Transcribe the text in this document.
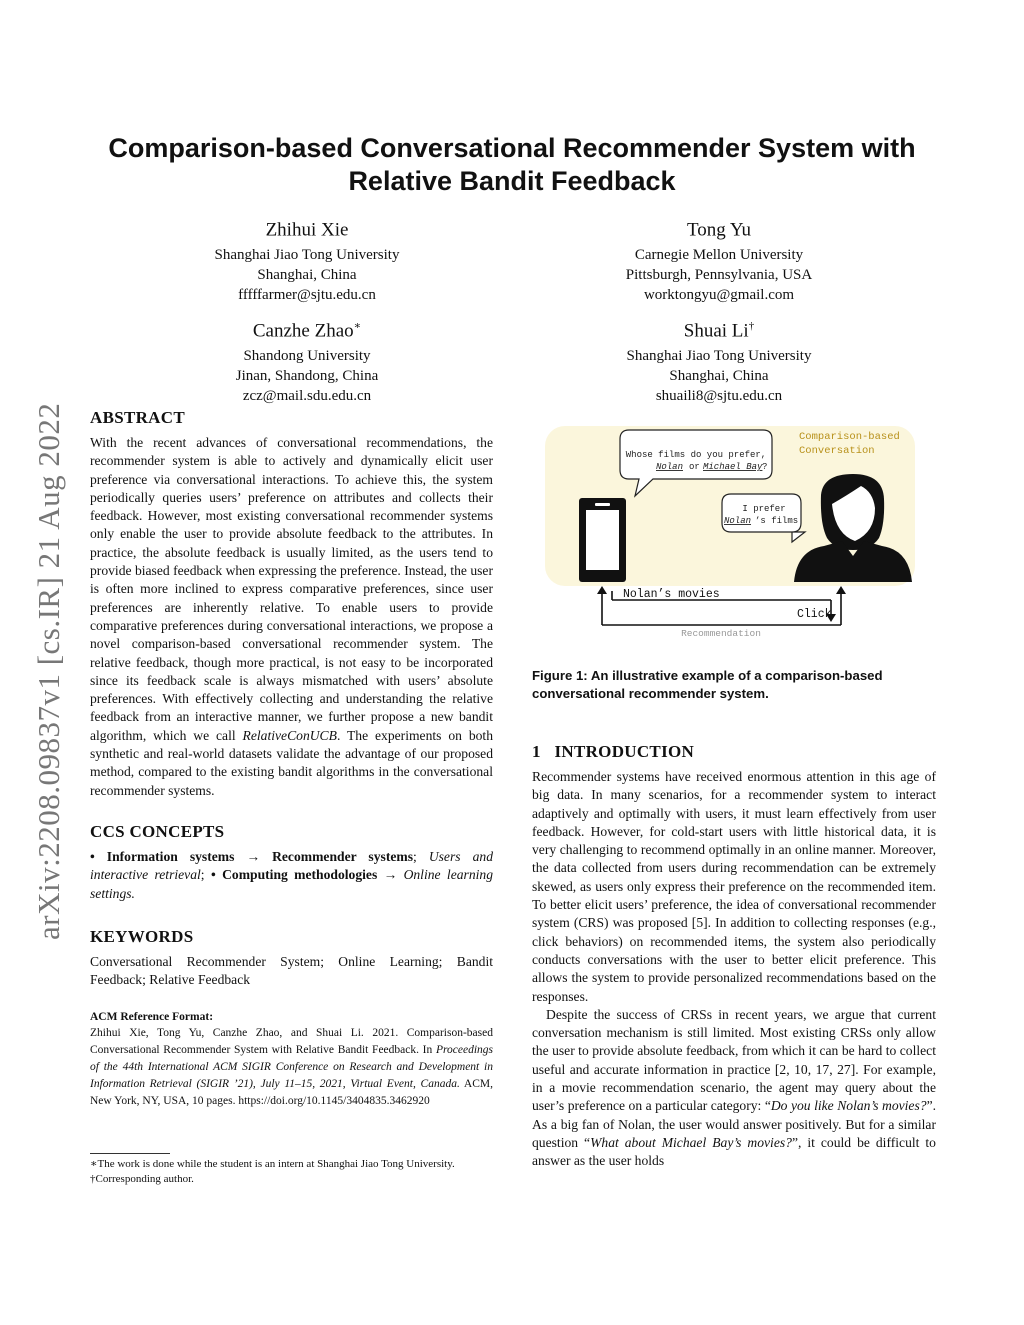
arXiv:2208.09837v1 [cs.IR] 21 Aug 2022
Comparison-based Conversational Recommender System with
Relative Bandit Feedback
Zhihui Xie
Shanghai Jiao Tong University
Shanghai, China
fffffarmer@sjtu.edu.cn
Tong Yu
Carnegie Mellon University
Pittsburgh, Pennsylvania, USA
worktongyu@gmail.com
Canzhe Zhao∗
Shandong University
Jinan, Shandong, China
zcz@mail.sdu.edu.cn
Shuai Li†
Shanghai Jiao Tong University
Shanghai, China
shuaili8@sjtu.edu.cn
ABSTRACT

With the recent advances of conversational recommendations, the recommender system is able to actively and dynamically elicit user preference via conversational interactions. To achieve this, the system periodically queries users’ preference on attributes and collects their feedback. However, most existing conversational recommender systems only enable the user to provide absolute feedback to the attributes. In practice, the absolute feedback is usually limited, as the users tend to provide biased feedback when expressing the preference. Instead, the user is often more inclined to express comparative preferences, since user preferences are inherently relative. To enable users to provide comparative preferences during conversational interactions, we propose a novel comparison-based conversational recommender system. The relative feedback, though more practical, is not easy to be incorporated since its feedback scale is always mismatched with users’ absolute preferences. With effectively collecting and understanding the relative feedback from an interactive manner, we further propose a new bandit algorithm, which we call RelativeConUCB. The experiments on both synthetic and real-world datasets validate the advantage of our proposed method, compared to the existing bandit algorithms in the conversational recommender systems.

CCS CONCEPTS

• Information systems → Recommender systems; Users and interactive retrieval; • Computing methodologies → Online learning settings.

KEYWORDS

Conversational Recommender System; Online Learning; Bandit Feedback; Relative Feedback

ACM Reference Format:

Zhihui Xie, Tong Yu, Canzhe Zhao, and Shuai Li. 2021. Comparison-based Conversational Recommender System with Relative Bandit Feedback. In Proceedings of the 44th International ACM SIGIR Conference on Research and Development in Information Retrieval (SIGIR ’21), July 11–15, 2021, Virtual Event, Canada. ACM, New York, NY, USA, 10 pages. https://doi.org/10.1145/3404835.3462920

∗The work is done while the student is an intern at Shanghai Jiao Tong University.
†Corresponding author.
Comparison-based
Conversation
Whose films do you prefer,
Nolan or Michael Bay ?
I prefer
Nolan ’s films!
Nolan’s movies
Click
Recommendation
Figure 1: An illustrative example of a comparison-based conversational recommender system.
1 INTRODUCTION

Recommender systems have received enormous attention in this age of big data. In many scenarios, for a recommender system to interact adaptively and optimally with users, it must learn effectively from user feedback. However, for cold-start users with little historical data, it is very challenging to recommend optimally in an online manner. Moreover, the data collected from users during recommendation can be extremely skewed, as users only express their preference on the recommended item. To better elicit users’ preference, the idea of conversational recommender system (CRS) was proposed [5]. In addition to collecting responses (e.g., click behaviors) on recommended items, the system also periodically conducts conversations with the user to better elicit preference. This allows the system to provide personalized recommendations based on the responses.

Despite the success of CRSs in recent years, we argue that current conversation mechanism is still limited. Most existing CRSs only allow the user to provide absolute feedback, from which it can be hard to collect useful and accurate information in practice [2, 10, 17, 27]. For example, in a movie recommendation scenario, the agent may query about the user’s preference on a particular category: “Do you like Nolan’s movies?”. As a big fan of Nolan, the user would answer positively. But for a similar question “What about Michael Bay’s movies?”, it could be difficult to answer as the user holds
